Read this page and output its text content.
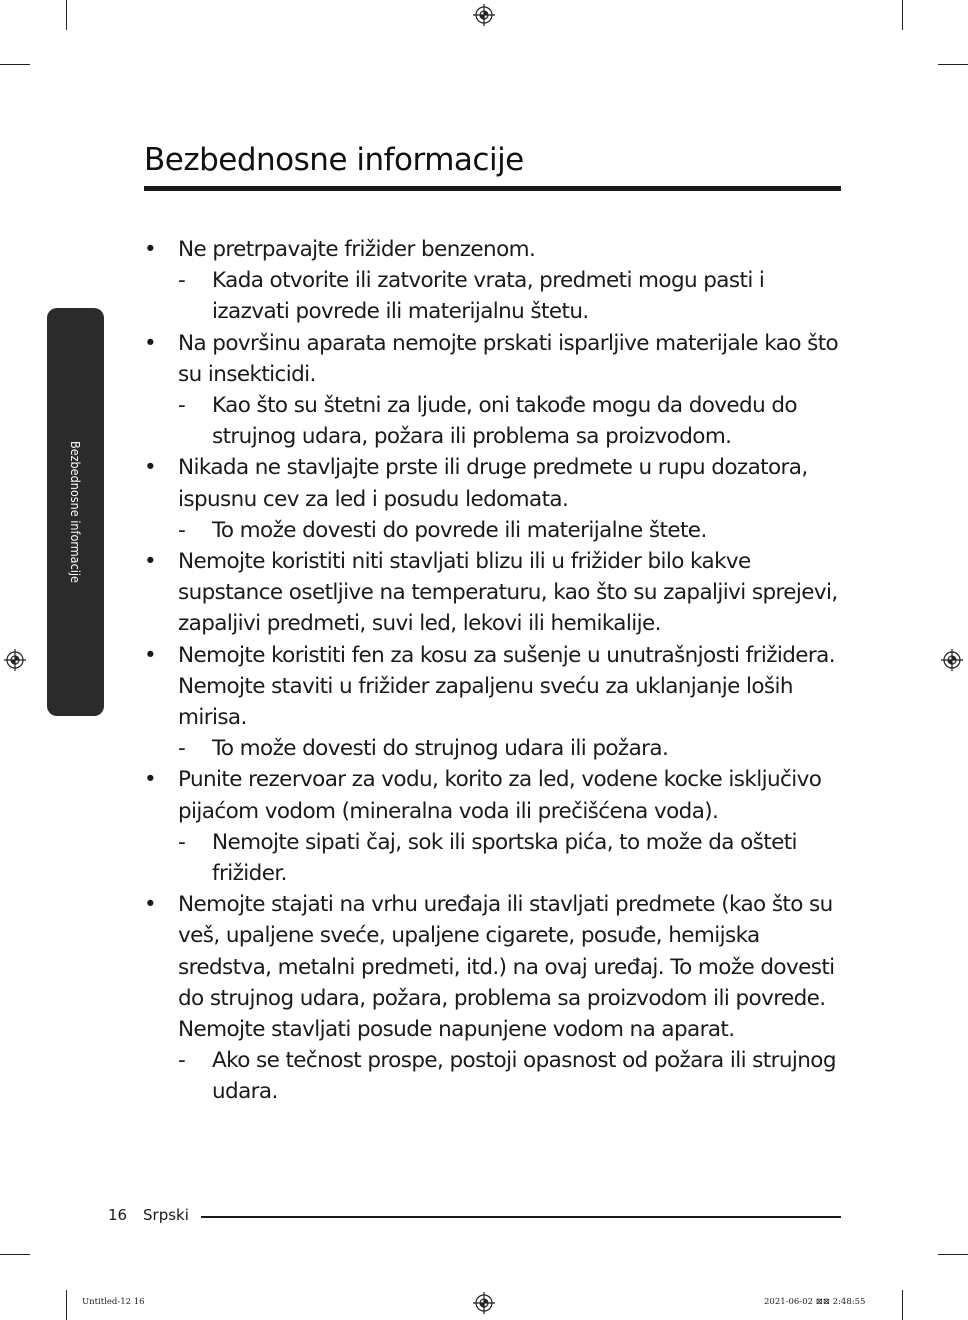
Bezbednosne informacije
Bezbednosne informacije

• Ne pretrpavajte frižider benzenom.

-	Kada otvorite ili zatvorite vrata, predmeti mogu pasti i izazvati povrede ili materijalnu štetu.

• Na površinu aparata nemojte prskati isparljive materijale kao što su insekticidi.

-	Kao što su štetni za ljude, oni takođe mogu da dovedu do strujnog udara, požara ili problema sa proizvodom.

• Nikada ne stavljajte prste ili druge predmete u rupu dozatora, ispusnu cev za led i posudu ledomata.

-	To može dovesti do povrede ili materijalne štete.

• Nemojte koristiti niti stavljati blizu ili u frižider bilo kakve supstance osetljive na temperaturu, kao što su zapaljivi sprejevi, zapaljivi predmeti, suvi led, lekovi ili hemikalije.

• Nemojte koristiti fen za kosu za sušenje u unutrašnjosti frižidera. Nemojte staviti u frižider zapaljenu sveću za uklanjanje loših mirisa.

-	To može dovesti do strujnog udara ili požara.

• Punite rezervoar za vodu, korito za led, vodene kocke isključivo pijaćom vodom (mineralna voda ili prečišćena voda).

-	Nemojte sipati čaj, sok ili sportska pića, to može da ošteti frižider.

• Nemojte stajati na vrhu uređaja ili stavljati predmete (kao što su veš, upaljene sveće, upaljene cigarete, posuđe, hemijska sredstva, metalni predmeti, itd.) na ovaj uređaj. To može dovesti do strujnog udara, požara, problema sa proizvodom ili povrede. Nemojte stavljati posude napunjene vodom na aparat.

-	Ako se tečnost prospe, postoji opasnost od požara ili strujnog udara.

16 Srpski
Untitled-12 16	2021-06-02 ⊠⊠ 2:48:55
